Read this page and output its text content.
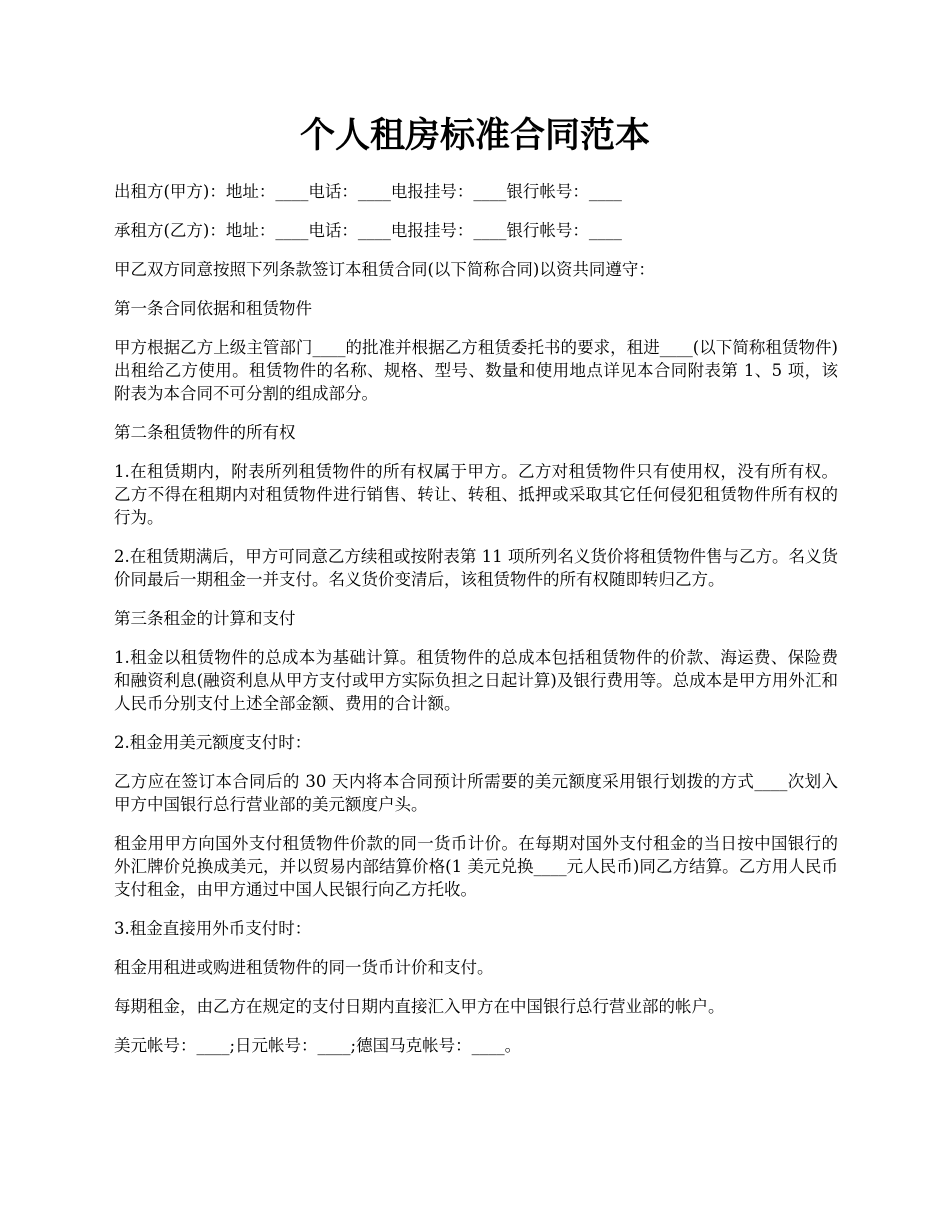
个人租房标准合同范本

出租方(甲方)：地址：____电话：____电报挂号：____银行帐号：____

承租方(乙方)：地址：____电话：____电报挂号：____银行帐号：____

甲乙双方同意按照下列条款签订本租赁合同(以下简称合同)以资共同遵守：

第一条合同依据和租赁物件

甲方根据乙方上级主管部门____的批准并根据乙方租赁委托书的要求，租进____(以下简称租赁物件)出租给乙方使用。租赁物件的名称、规格、型号、数量和使用地点详见本合同附表第 1、5 项，该附表为本合同不可分割的组成部分。

第二条租赁物件的所有权

1.在租赁期内，附表所列租赁物件的所有权属于甲方。乙方对租赁物件只有使用权，没有所有权。乙方不得在租期内对租赁物件进行销售、转让、转租、抵押或采取其它任何侵犯租赁物件所有权的行为。

2.在租赁期满后，甲方可同意乙方续租或按附表第 11 项所列名义货价将租赁物件售与乙方。名义货价同最后一期租金一并支付。名义货价变清后，该租赁物件的所有权随即转归乙方。

第三条租金的计算和支付

1.租金以租赁物件的总成本为基础计算。租赁物件的总成本包括租赁物件的价款、海运费、保险费和融资利息(融资利息从甲方支付或甲方实际负担之日起计算)及银行费用等。总成本是甲方用外汇和人民币分别支付上述全部金额、费用的合计额。

2.租金用美元额度支付时：

乙方应在签订本合同后的 30 天内将本合同预计所需要的美元额度采用银行划拨的方式____次划入甲方中国银行总行营业部的美元额度户头。

租金用甲方向国外支付租赁物件价款的同一货币计价。在每期对国外支付租金的当日按中国银行的外汇牌价兑换成美元，并以贸易内部结算价格(1 美元兑换____元人民币)同乙方结算。乙方用人民币支付租金，由甲方通过中国人民银行向乙方托收。

3.租金直接用外币支付时：

租金用租进或购进租赁物件的同一货币计价和支付。

每期租金，由乙方在规定的支付日期内直接汇入甲方在中国银行总行营业部的帐户。

美元帐号：____;日元帐号：____;德国马克帐号：____。
